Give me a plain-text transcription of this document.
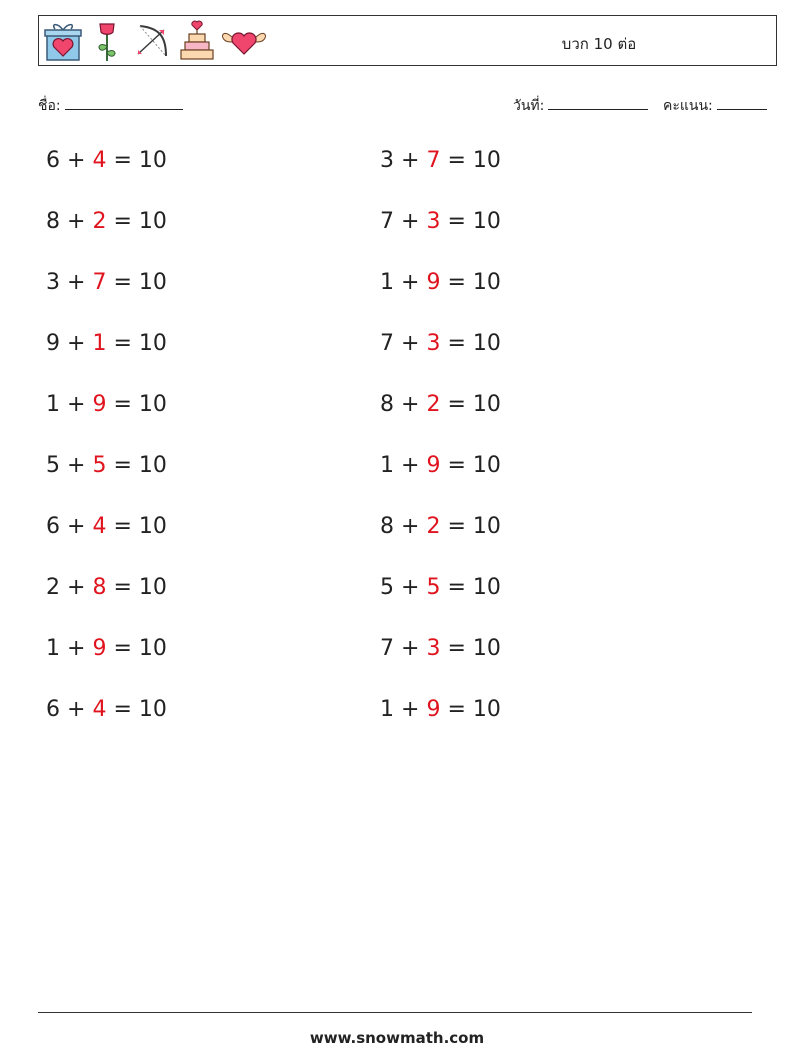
บวก 10 ต่อ
ชื่อ:	วันที่:	คะแนน:
6 + 4 = 10	3 + 7 = 10
8 + 2 = 10	7 + 3 = 10
3 + 7 = 10	1 + 9 = 10
9 + 1 = 10	7 + 3 = 10
1 + 9 = 10	8 + 2 = 10
5 + 5 = 10	1 + 9 = 10
6 + 4 = 10	8 + 2 = 10
2 + 8 = 10	5 + 5 = 10
1 + 9 = 10	7 + 3 = 10
6 + 4 = 10	1 + 9 = 10
www.snowmath.com
